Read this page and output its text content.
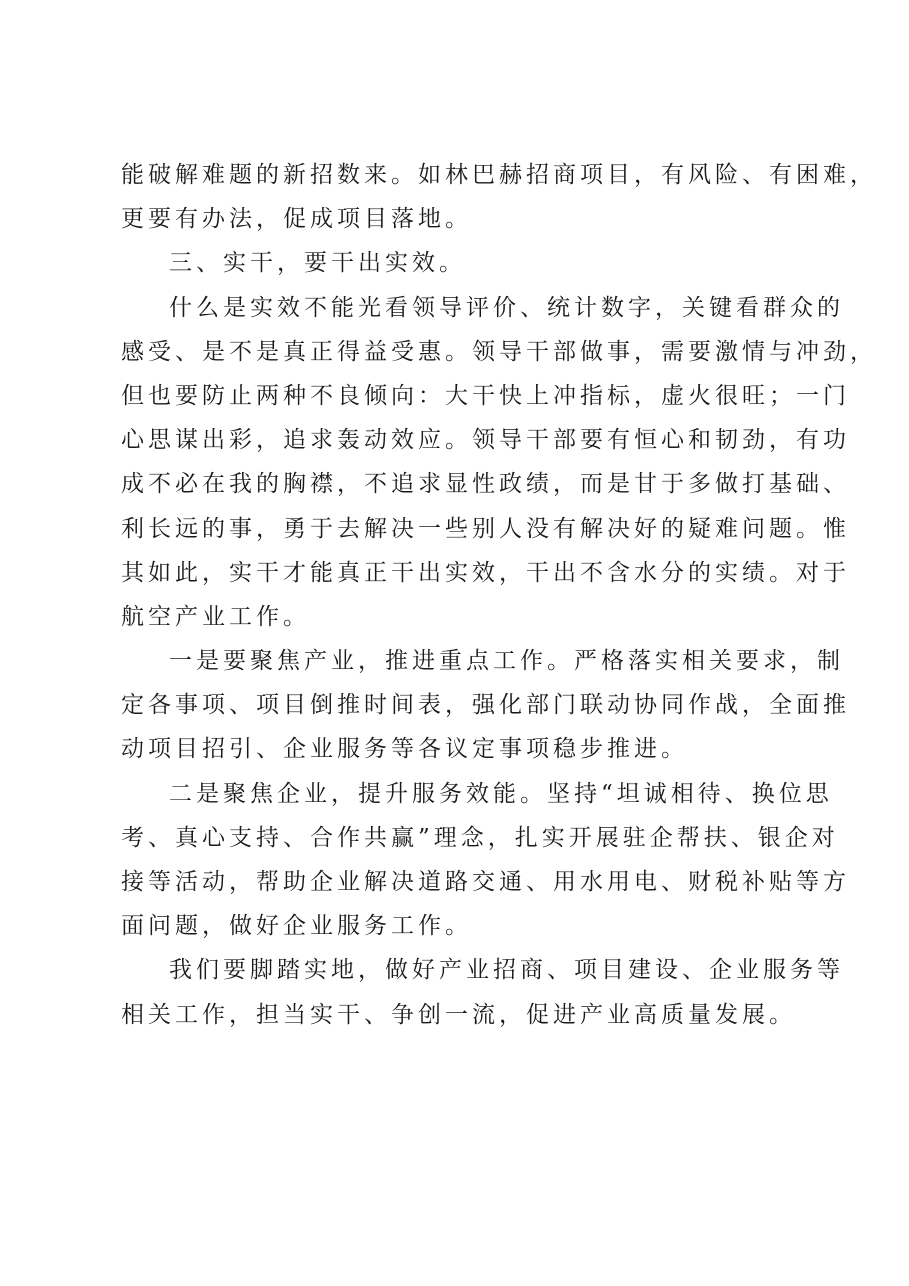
能破解难题的新招数来。如林巴赫招商项目，有风险、有困难，

更要有办法，促成项目落地。

三、实干，要干出实效。

什么是实效不能光看领导评价、统计数字，关键看群众的

感受、是不是真正得益受惠。领导干部做事，需要激情与冲劲，

但也要防止两种不良倾向：大干快上冲指标，虚火很旺；一门

心思谋出彩，追求轰动效应。领导干部要有恒心和韧劲，有功

成不必在我的胸襟，不追求显性政绩，而是甘于多做打基础、

利长远的事，勇于去解决一些别人没有解决好的疑难问题。惟

其如此，实干才能真正干出实效，干出不含水分的实绩。对于

航空产业工作。

一是要聚焦产业，推进重点工作。严格落实相关要求，制

定各事项、项目倒推时间表，强化部门联动协同作战，全面推

动项目招引、企业服务等各议定事项稳步推进。

二是聚焦企业，提升服务效能。坚持“坦诚相待、换位思

考、真心支持、合作共赢”理念，扎实开展驻企帮扶、银企对

接等活动，帮助企业解决道路交通、用水用电、财税补贴等方

面问题，做好企业服务工作。

我们要脚踏实地，做好产业招商、项目建设、企业服务等

相关工作，担当实干、争创一流，促进产业高质量发展。
